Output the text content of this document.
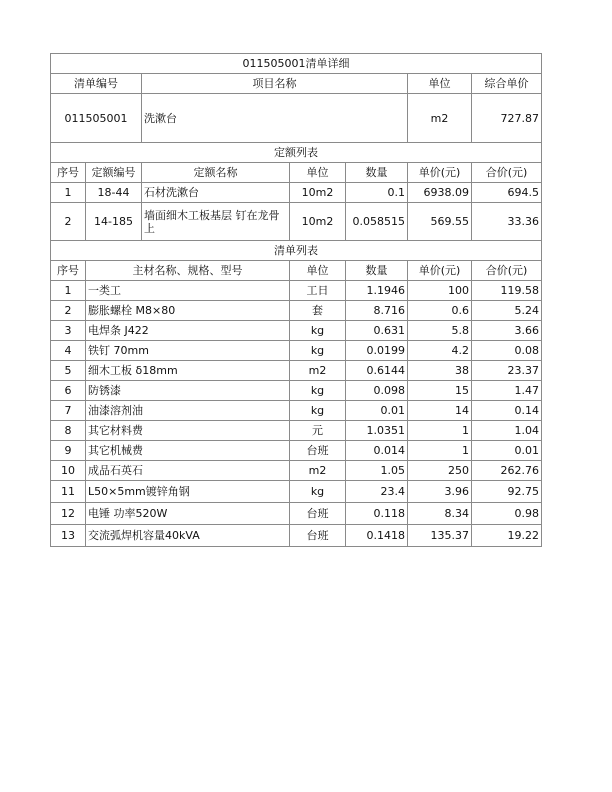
011505001清单详细						
清单编号		项目名称			单位	综合单价
011505001		洗漱台			m2	727.87
定额列表						
序号	定额编号	定额名称	单位	数量	单价(元)	合价(元)
1	18-44	石材洗漱台	10m2	0.1	6938.09	694.5
2	14-185	墙面细木工板基层 钉在龙骨上	10m2	0.058515	569.55	33.36
清单列表						
序号	主材名称、规格、型号		单位	数量	单价(元)	合价(元)
1	一类工		工日	1.1946	100	119.58
2	膨胀螺栓 M8×80		套	8.716	0.6	5.24
3	电焊条 J422		kg	0.631	5.8	3.66
4	铁钉 70mm		kg	0.0199	4.2	0.08
5	细木工板 δ18mm		m2	0.6144	38	23.37
6	防锈漆		kg	0.098	15	1.47
7	油漆溶剂油		kg	0.01	14	0.14
8	其它材料费		元	1.0351	1	1.04
9	其它机械费		台班	0.014	1	0.01
10	成品石英石		m2	1.05	250	262.76
11	L50×5mm镀锌角钢		kg	23.4	3.96	92.75
12	电锤 功率520W		台班	0.118	8.34	0.98
13	交流弧焊机容量40kVA		台班	0.1418	135.37	19.22
